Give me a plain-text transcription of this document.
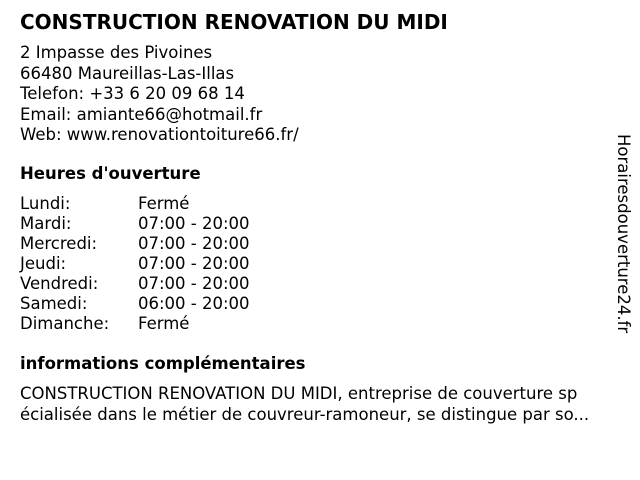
CONSTRUCTION RENOVATION DU MIDI
2 Impasse des Pivoines
66480 Maureillas-Las-Illas
Telefon: +33 6 20 09 68 14
Email: amiante66@hotmail.fr
Web: www.renovationtoiture66.fr/
Heures d'ouverture
Lundi:	Fermé
Mardi:	07:00 - 20:00
Mercredi:	07:00 - 20:00
Jeudi:	07:00 - 20:00
Vendredi:	07:00 - 20:00
Samedi:	06:00 - 20:00
Dimanche:	Fermé
informations complémentaires
CONSTRUCTION RENOVATION DU MIDI, entreprise de couverture sp
écialisée dans le métier de couvreur-ramoneur, se distingue par so...
Horairesdouverture24.fr
